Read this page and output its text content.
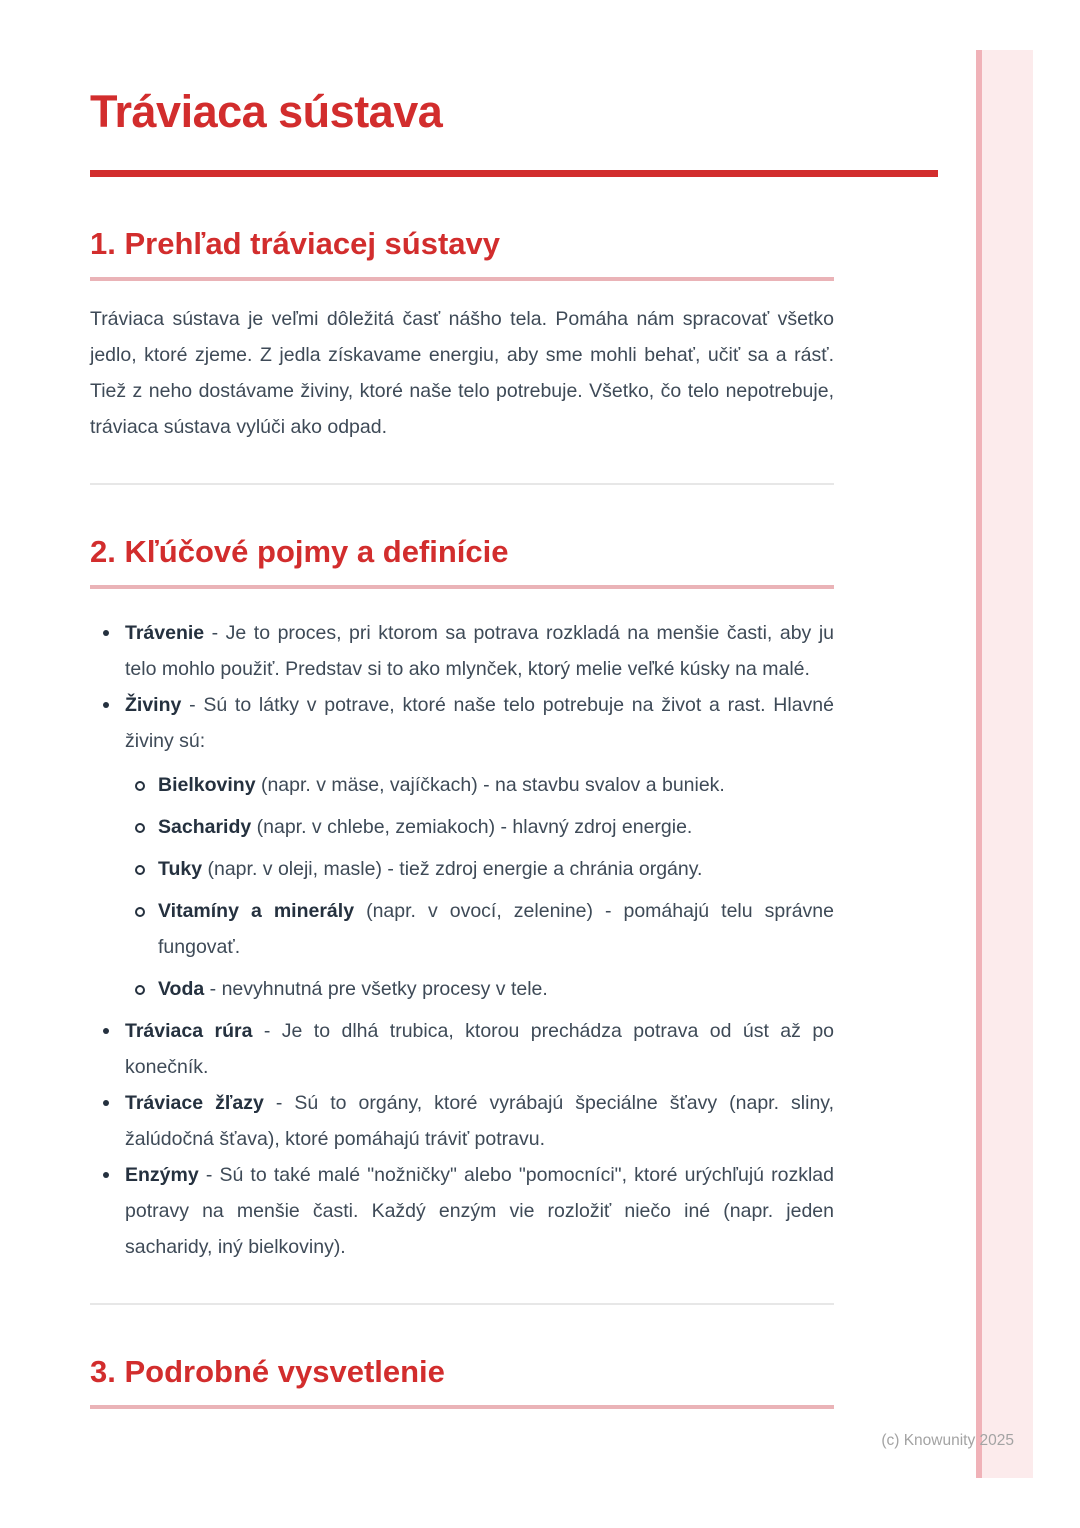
Tráviaca sústava
1. Prehľad tráviacej sústavy

Tráviaca sústava je veľmi dôležitá časť nášho tela. Pomáha nám spracovať všetko jedlo, ktoré zjeme. Z jedla získavame energiu, aby sme mohli behať, učiť sa a rásť. Tiež z neho dostávame živiny, ktoré naše telo potrebuje. Všetko, čo telo nepotrebuje, tráviaca sústava vylúči ako odpad.

2. Kľúčové pojmy a definície

Trávenie - Je to proces, pri ktorom sa potrava rozkladá na menšie časti, aby ju telo mohlo použiť. Predstav si to ako mlynček, ktorý melie veľké kúsky na malé.

Živiny - Sú to látky v potrave, ktoré naše telo potrebuje na život a rast. Hlavné živiny sú:

Bielkoviny (napr. v mäse, vajíčkach) - na stavbu svalov a buniek.

Sacharidy (napr. v chlebe, zemiakoch) - hlavný zdroj energie.

Tuky (napr. v oleji, masle) - tiež zdroj energie a chránia orgány.

Vitamíny a minerály (napr. v ovocí, zelenine) - pomáhajú telu správne fungovať.

Voda - nevyhnutná pre všetky procesy v tele.

Tráviaca rúra - Je to dlhá trubica, ktorou prechádza potrava od úst až po konečník.

Tráviace žľazy - Sú to orgány, ktoré vyrábajú špeciálne šťavy (napr. sliny, žalúdočná šťava), ktoré pomáhajú tráviť potravu.

Enzýmy - Sú to také malé "nožničky" alebo "pomocníci", ktoré urýchľujú rozklad potravy na menšie časti. Každý enzým vie rozložiť niečo iné (napr. jeden sacharidy, iný bielkoviny).

3. Podrobné vysvetlenie
(c) Knowunity 2025
